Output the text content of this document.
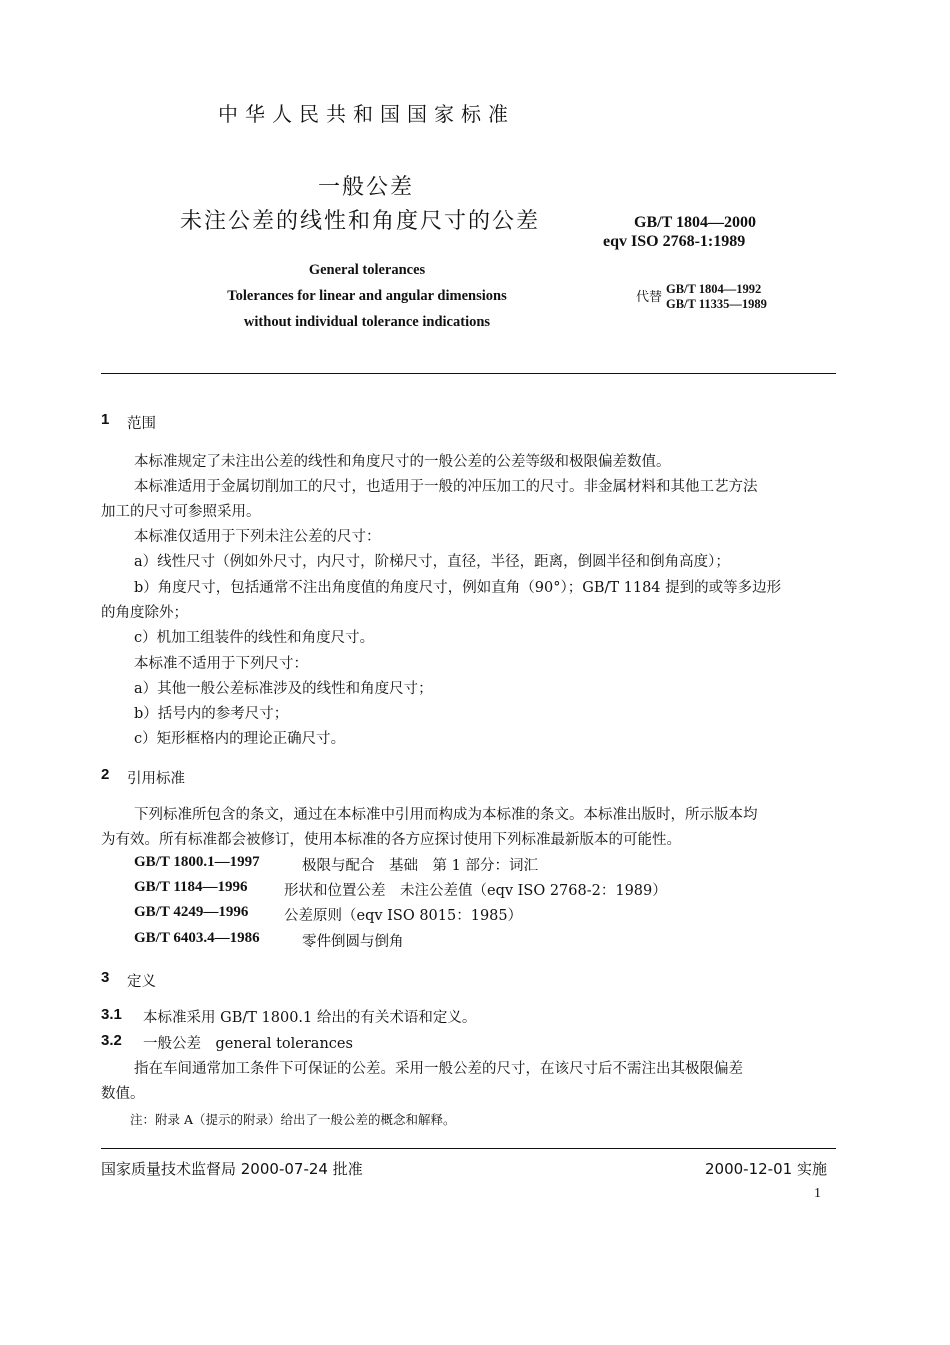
中华人民共和国国家标准
一般公差
未注公差的线性和角度尺寸的公差	GB/T 1804—2000
eqv ISO 2768-1:1989
General tolerances
Tolerances for linear and angular dimensions
without individual tolerance indications
代替
GB/T 1804—1992
GB/T 11335—1989
1 范围
本标准规定了未注出公差的线性和角度尺寸的一般公差的公差等级和极限偏差数值。
本标准适用于金属切削加工的尺寸，也适用于一般的冲压加工的尺寸。非金属材料和其他工艺方法
加工的尺寸可参照采用。
本标准仅适用于下列未注公差的尺寸：
a）线性尺寸（例如外尺寸，内尺寸，阶梯尺寸，直径，半径，距离，倒圆半径和倒角高度）；
b）角度尺寸，包括通常不注出角度值的角度尺寸，例如直角（90°）；GB/T 1184 提到的或等多边形
的角度除外；
c）机加工组装件的线性和角度尺寸。
本标准不适用于下列尺寸：
a）其他一般公差标准涉及的线性和角度尺寸；
b）括号内的参考尺寸；
c）矩形框格内的理论正确尺寸。
2 引用标准
下列标准所包含的条文，通过在本标准中引用而构成为本标准的条文。本标准出版时，所示版本均
为有效。所有标准都会被修订，使用本标准的各方应探讨使用下列标准最新版本的可能性。
GB/T 1800.1—1997	极限与配合　基础　第 1 部分：词汇
GB/T 1184—1996	形状和位置公差　未注公差值（eqv ISO 2768-2：1989）
GB/T 4249—1996 公差原则（eqv ISO 8015：1985）
GB/T 6403.4—1986	零件倒圆与倒角
3 定义
3.1 本标准采用 GB/T 1800.1 给出的有关术语和定义。
3.2 一般公差　general tolerances
指在车间通常加工条件下可保证的公差。采用一般公差的尺寸，在该尺寸后不需注出其极限偏差
数值。
注：附录 A（提示的附录）给出了一般公差的概念和解释。
国家质量技术监督局 2000-07-24 批准	2000-12-01 实施
1
